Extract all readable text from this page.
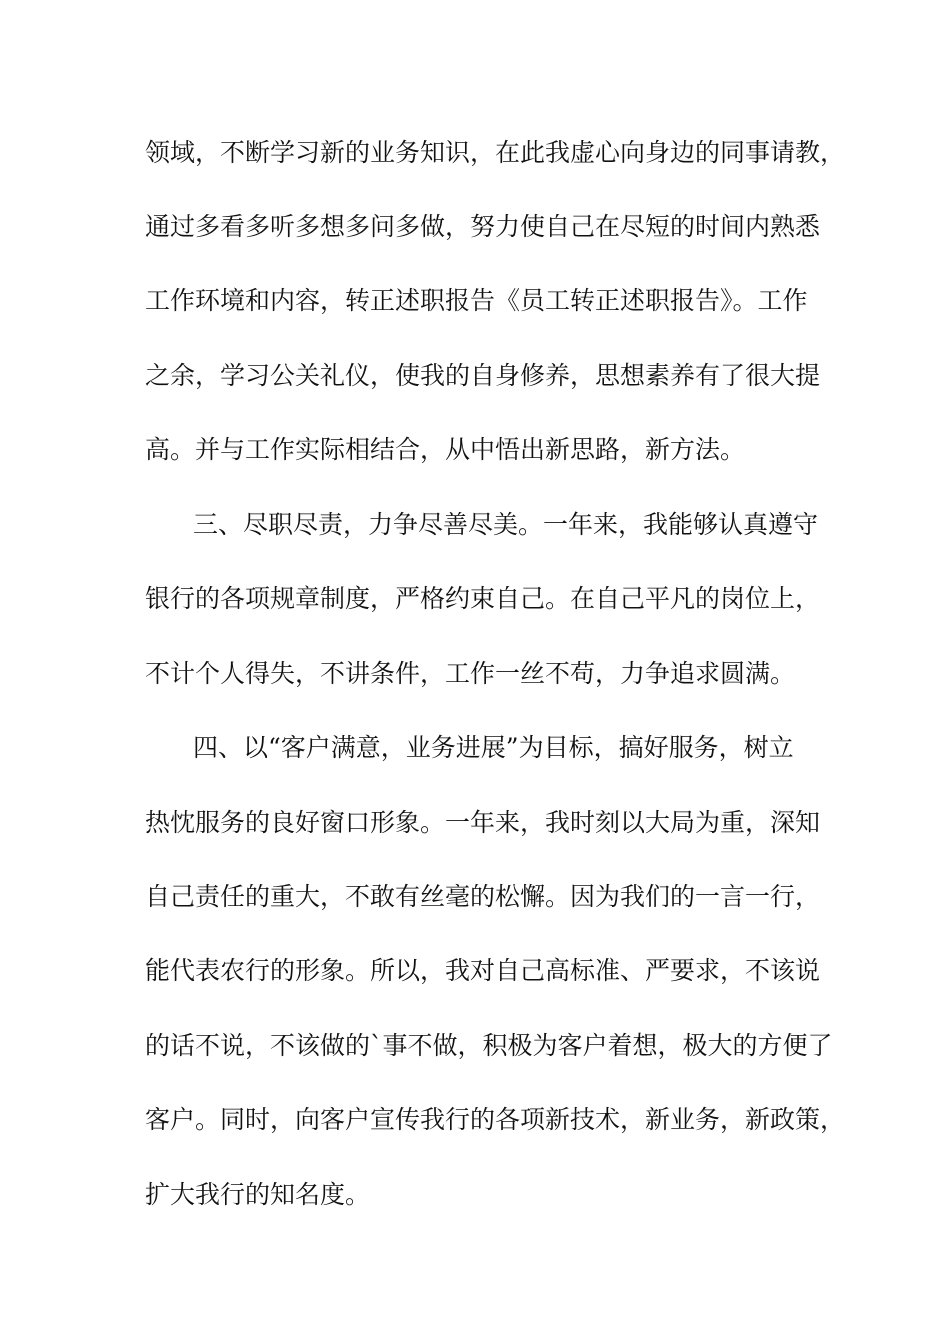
领域，不断学习新的业务知识，在此我虚心向身边的同事请教，
通过多看多听多想多问多做，努力使自己在尽短的时间内熟悉
工作环境和内容，转正述职报告《员工转正述职报告》。工作
之余，学习公关礼仪，使我的自身修养，思想素养有了很大提
高。并与工作实际相结合，从中悟出新思路，新方法。
三、尽职尽责，力争尽善尽美。一年来，我能够认真遵守
银行的各项规章制度，严格约束自己。在自己平凡的岗位上，
不计个人得失，不讲条件，工作一丝不苟，力争追求圆满。
四、以“客户满意，业务进展”为目标，搞好服务，树立
热忱服务的良好窗口形象。一年来，我时刻以大局为重，深知
自己责任的重大，不敢有丝毫的松懈。因为我们的一言一行，
能代表农行的形象。所以，我对自己高标准、严要求，不该说
的话不说，不该做的`事不做，积极为客户着想，极大的方便了
客户。同时，向客户宣传我行的各项新技术，新业务，新政策，
扩大我行的知名度。
